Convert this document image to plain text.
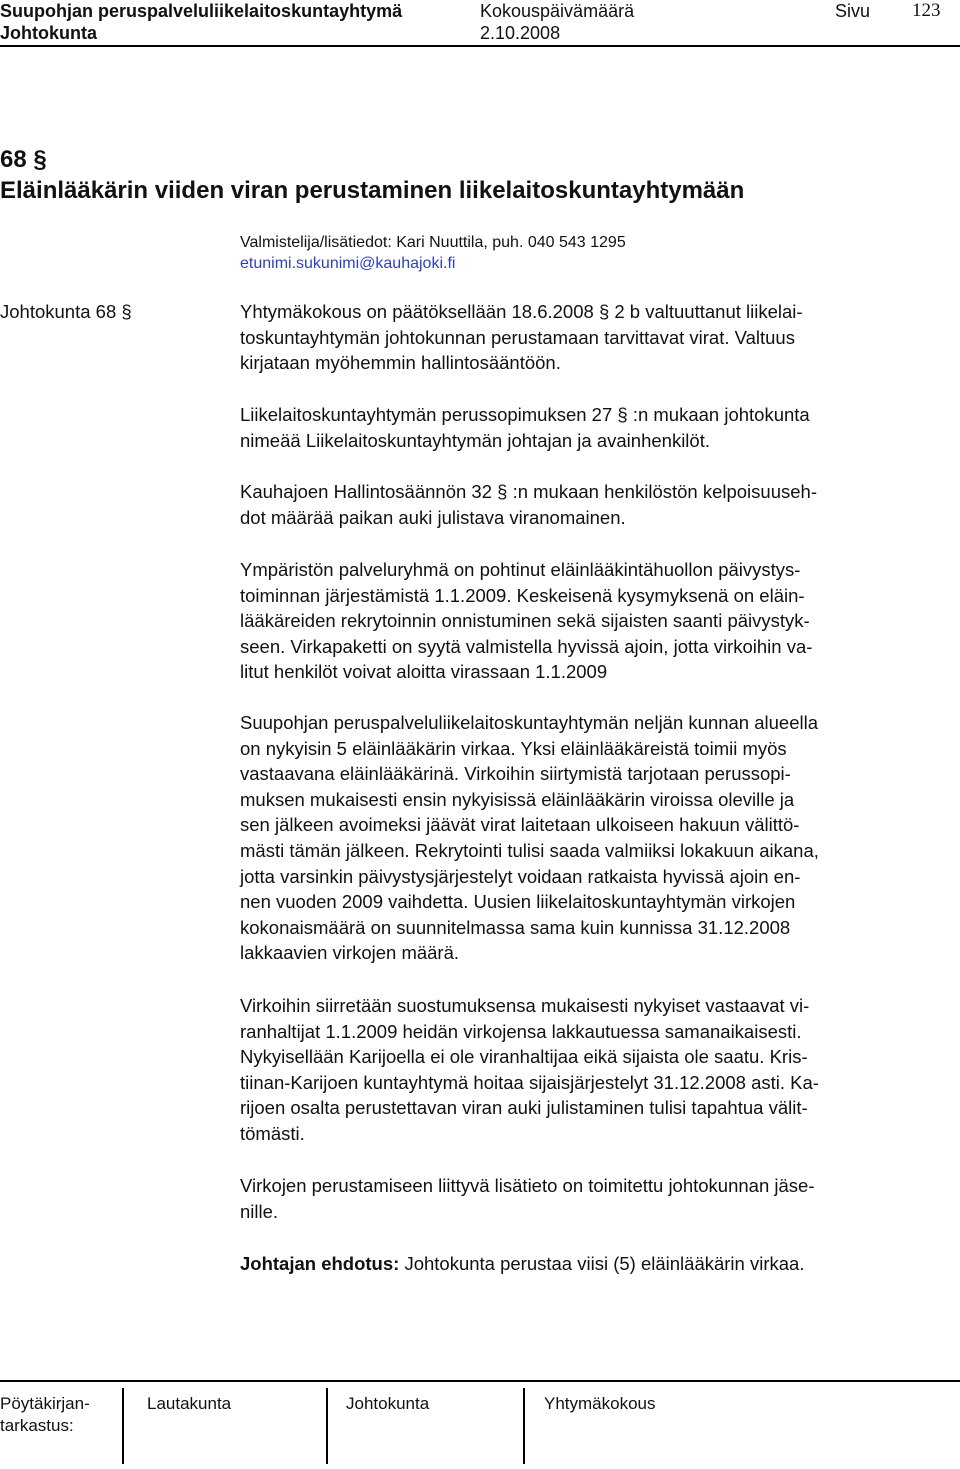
Suupohjan peruspalveluliikelaitoskuntayhtymä
Johtokunta
Kokouspäivämäärä
2.10.2008
Sivu 123
68 §
Eläinlääkärin viiden viran perustaminen liikelaitoskuntayhtymään
Valmistelija/lisätiedot: Kari Nuuttila, puh. 040 543 1295
etunimi.sukunimi@kauhajoki.fi
Johtokunta 68 §	Yhtymäkokous on päätöksellään 18.6.2008 § 2 b valtuuttanut liikelai-
toskuntayhtymän johtokunnan perustamaan tarvittavat virat. Valtuus
kirjataan myöhemmin hallintosääntöön.
Liikelaitoskuntayhtymän perussopimuksen 27 § :n mukaan johtokunta
nimeää Liikelaitoskuntayhtymän johtajan ja avainhenkilöt.
Kauhajoen Hallintosäännön 32 § :n mukaan henkilöstön kelpoisuuseh-
dot määrää paikan auki julistava viranomainen.
Ympäristön palveluryhmä on pohtinut eläinlääkintähuollon päivystys-
toiminnan järjestämistä 1.1.2009. Keskeisenä kysymyksenä on eläin-
lääkäreiden rekrytoinnin onnistuminen sekä sijaisten saanti päivystyk-
seen. Virkapaketti on syytä valmistella hyvissä ajoin, jotta virkoihin va-
litut henkilöt voivat aloitta virassaan 1.1.2009
Suupohjan peruspalveluliikelaitoskuntayhtymän neljän kunnan alueella
on nykyisin 5 eläinlääkärin virkaa. Yksi eläinlääkäreistä toimii myös
vastaavana eläinlääkärinä. Virkoihin siirtymistä tarjotaan perussopi-
muksen mukaisesti ensin nykyisissä eläinlääkärin viroissa oleville ja
sen jälkeen avoimeksi jäävät virat laitetaan ulkoiseen hakuun välittö-
mästi tämän jälkeen. Rekrytointi tulisi saada valmiiksi lokakuun aikana,
jotta varsinkin päivystysjärjestelyt voidaan ratkaista hyvissä ajoin en-
nen vuoden 2009 vaihdetta. Uusien liikelaitoskuntayhtymän virkojen
kokonaismäärä on suunnitelmassa sama kuin kunnissa 31.12.2008
lakkaavien virkojen määrä.
Virkoihin siirretään suostumuksensa mukaisesti nykyiset vastaavat vi-
ranhaltijat 1.1.2009 heidän virkojensa lakkautuessa samanaikaisesti.
Nykyisellään Karijoella ei ole viranhaltijaa eikä sijaista ole saatu. Kris-
tiinan-Karijoen kuntayhtymä hoitaa sijaisjärjestelyt 31.12.2008 asti. Ka-
rijoen osalta perustettavan viran auki julistaminen tulisi tapahtua välit-
tömästi.
Virkojen perustamiseen liittyvä lisätieto on toimitettu johtokunnan jäse-
nille.
Johtajan ehdotus: Johtokunta perustaa viisi (5) eläinlääkärin virkaa.
Pöytäkirjan-
tarkastus:
Lautakunta	Johtokunta	Yhtymäkokous
